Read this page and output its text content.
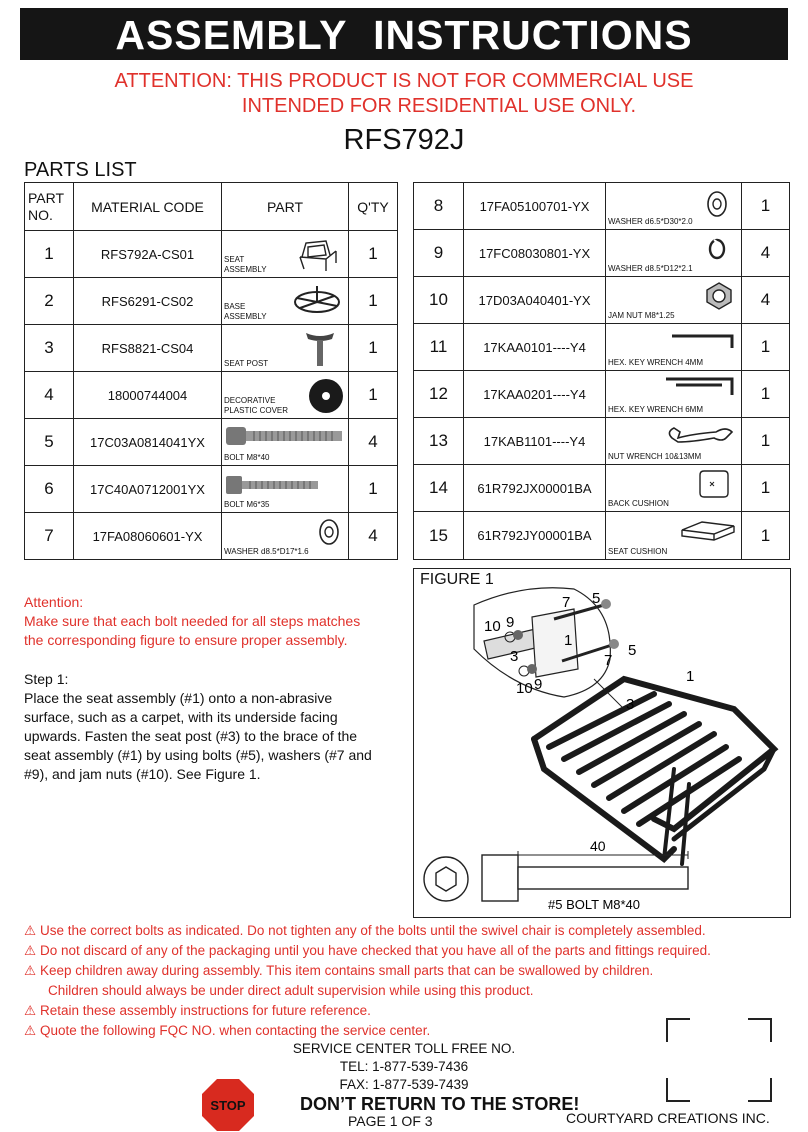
ASSEMBLY INSTRUCTIONS
ATTENTION: THIS PRODUCT IS NOT FOR COMMERCIAL USE
INTENDED FOR RESIDENTIAL USE ONLY.
RFS792J
PARTS LIST
PART
NO.	MATERIAL CODE	PART	Q'TY
1	RFS792A-CS01	SEAT ASSEMBLY	1
2	RFS6291-CS02	BASE ASSEMBLY	1
3	RFS8821-CS04	SEAT POST	1
4	18000744004	DECORATIVE PLASTIC COVER	1
5	17C03A0814041YX	BOLT M8*40	4
6	17C40A0712001YX	BOLT M6*35	1
7	17FA08060601-YX	WASHER d8.5*D17*1.6	4
8	17FA05100701-YX	WASHER d6.5*D30*2.0	1
9	17FC08030801-YX	WASHER d8.5*D12*2.1	4
10	17D03A040401-YX	JAM NUT M8*1.25	4
11	17KAA0101----Y4	HEX. KEY WRENCH 4MM	1
12	17KAA0201----Y4	HEX. KEY WRENCH 6MM	1
13	17KAB1101----Y4	NUT WRENCH 10&13MM	1
14	61R792JX00001BA	BACK CUSHION	1
15	61R792JY00001BA	SEAT CUSHION	1
Attention:
Make sure that each bolt needed for all steps matches
the corresponding figure to ensure proper assembly.
Step 1:
Place the seat assembly (#1) onto a non-abrasive
surface, such as a carpet, with its underside facing
upwards. Fasten the seat post (#3) to the brace of the
seat assembly (#1) by using bolts (#5), washers (#7 and
#9), and jam nuts (#10). See Figure 1.
FIGURE 1
7 5
10 9
1
3	7
5
10 9	1
3
40
#5 BOLT M8*40
⚠ Use the correct bolts as indicated. Do not tighten any of the bolts until the swivel chair is completely assembled.
⚠ Do not discard of any of the packaging until you have checked that you have all of the parts and fittings required.
⚠ Keep children away during assembly. This item contains small parts that can be swallowed by children.
Children should always be under direct adult supervision while using this product.
⚠ Retain these assembly instructions for future reference.
⚠ Quote the following FQC NO. when contacting the service center.
SERVICE CENTER TOLL FREE NO.
TEL: 1-877-539-7436
FAX: 1-877-539-7439
STOP	DON’T RETURN TO THE STORE!
PAGE 1 OF 3	COURTYARD CREATIONS INC.
